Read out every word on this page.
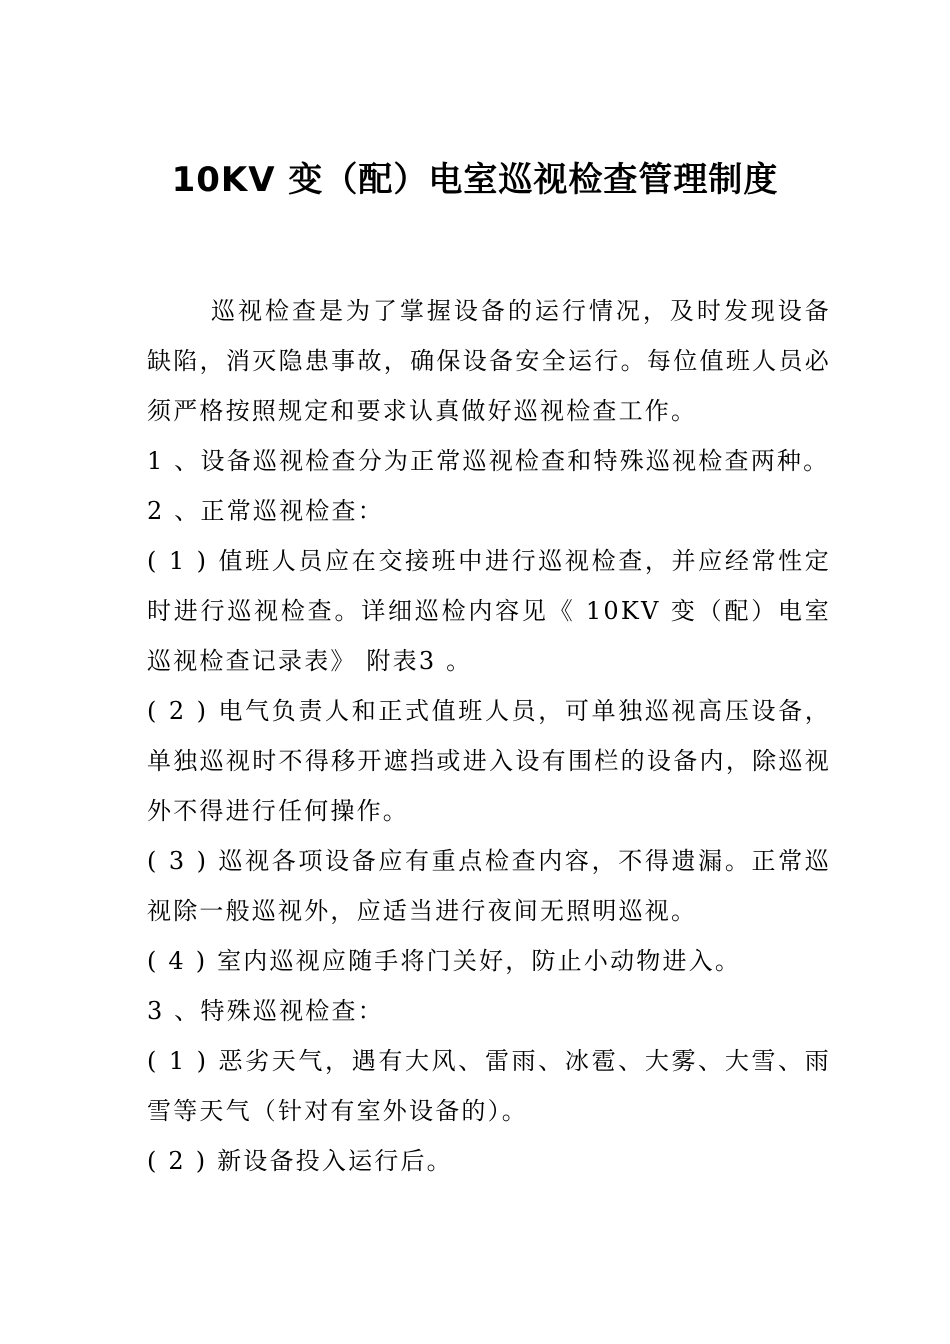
10KV 变（配）电室巡视检查管理制度

巡视检查是为了掌握设备的运行情况，及时发现设备缺陷，消灭隐患事故，确保设备安全运行。每位值班人员必须严格按照规定和要求认真做好巡视检查工作。

1 、设备巡视检查分为正常巡视检查和特殊巡视检查两种。

2 、正常巡视检查：

( 1 ) 值班人员应在交接班中进行巡视检查，并应经常性定时进行巡视检查。详细巡检内容见《 10KV 变（配）电室巡视检查记录表》 附表3 。

( 2 ) 电气负责人和正式值班人员，可单独巡视高压设备，单独巡视时不得移开遮挡或进入设有围栏的设备内，除巡视外不得进行任何操作。

( 3 ) 巡视各项设备应有重点检查内容，不得遗漏。正常巡视除一般巡视外，应适当进行夜间无照明巡视。

( 4 ) 室内巡视应随手将门关好，防止小动物进入。

3 、特殊巡视检查：

( 1 ) 恶劣天气，遇有大风、雷雨、冰雹、大雾、大雪、雨雪等天气（针对有室外设备的）。

( 2 ) 新设备投入运行后。
